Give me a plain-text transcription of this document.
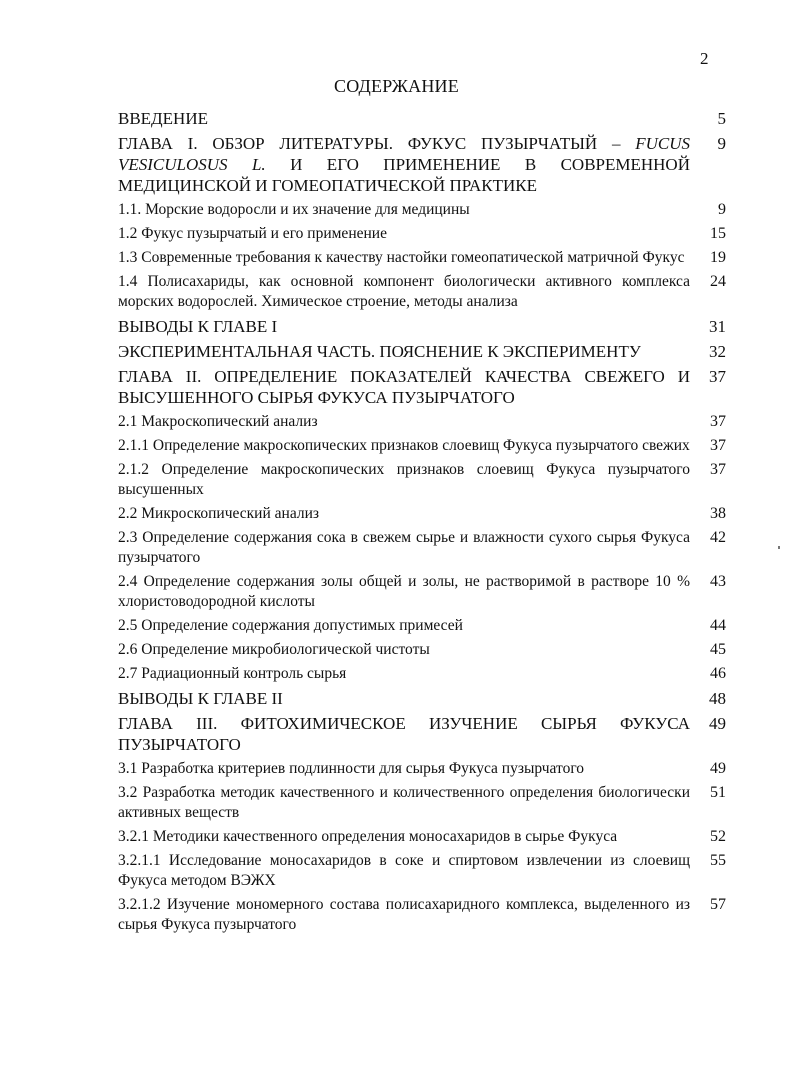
2
СОДЕРЖАНИЕ
ВВЕДЕНИЕ	5
ГЛАВА I. ОБЗОР ЛИТЕРАТУРЫ. ФУКУС ПУЗЫРЧАТЫЙ – FUCUS VESICULOSUS L. И ЕГО ПРИМЕНЕНИЕ В СОВРЕМЕННОЙ МЕДИЦИНСКОЙ И ГОМЕОПАТИЧЕСКОЙ ПРАКТИКЕ
9
1.1. Морские водоросли и их значение для медицины	9
1.2 Фукус пузырчатый и его применение	15
1.3 Современные требования к качеству настойки гомеопатической матричной Фукус	19
1.4 Полисахариды, как основной компонент биологически активного комплекса морских водорослей. Химическое строение, методы анализа
24
ВЫВОДЫ К ГЛАВЕ I	31
ЭКСПЕРИМЕНТАЛЬНАЯ ЧАСТЬ. ПОЯСНЕНИЕ К ЭКСПЕРИМЕНТУ	32
ГЛАВА II. ОПРЕДЕЛЕНИЕ ПОКАЗАТЕЛЕЙ КАЧЕСТВА СВЕЖЕГО И ВЫСУШЕННОГО СЫРЬЯ ФУКУСА ПУЗЫРЧАТОГО
37
2.1 Макроскопический анализ	37
2.1.1 Определение макроскопических признаков слоевищ Фукуса пузырчатого свежих	37
2.1.2 Определение макроскопических признаков слоевищ Фукуса пузырчатого высушенных
37
2.2 Микроскопический анализ	38
2.3 Определение содержания сока в свежем сырье и влажности сухого сырья Фукуса пузырчатого
42
2.4 Определение содержания золы общей и золы, не растворимой в растворе 10 % хлористоводородной кислоты
43
2.5 Определение содержания допустимых примесей	44
2.6 Определение микробиологической чистоты	45
2.7 Радиационный контроль сырья	46
ВЫВОДЫ К ГЛАВЕ II	48
ГЛАВА III. ФИТОХИМИЧЕСКОЕ ИЗУЧЕНИЕ СЫРЬЯ ФУКУСА ПУЗЫРЧАТОГО
49
3.1 Разработка критериев подлинности для сырья Фукуса пузырчатого	49
3.2 Разработка методик качественного и количественного определения биологически активных веществ
51
3.2.1 Методики качественного определения моносахаридов в сырье Фукуса	52
3.2.1.1 Исследование моносахаридов в соке и спиртовом извлечении из слоевищ Фукуса методом ВЭЖХ
55
3.2.1.2 Изучение мономерного состава полисахаридного комплекса, выделенного из сырья Фукуса пузырчатого
57
